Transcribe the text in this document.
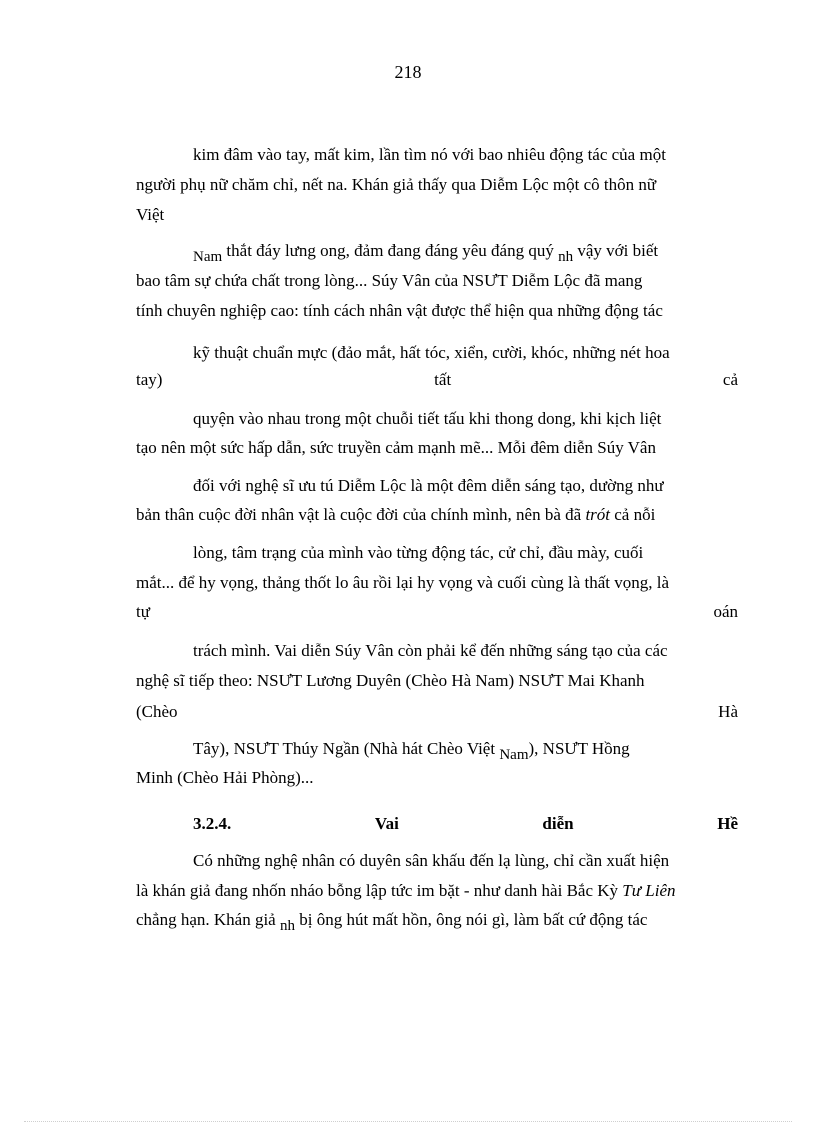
218
kim đâm vào tay, mất kim, lần tìm nó với bao nhiêu động tác của một
người phụ nữ chăm chỉ, nết na. Khán giả thấy qua Diễm Lộc một cô thôn nữ
Việt
Nam thắt đáy lưng ong, đảm đang đáng yêu đáng quý nh vậy với biết
bao tâm sự chứa chất trong lòng... Súy Vân của NSƯT Diễm Lộc đã mang
tính chuyên nghiệp cao: tính cách nhân vật được thể hiện qua những động tác
kỹ thuật chuẩn mực (đảo mắt, hất tóc, xiển, cười, khóc, những nét hoa
tay)	tất	cả
quyện vào nhau trong một chuỗi tiết tấu khi thong dong, khi kịch liệt
tạo nên một sức hấp dẫn, sức truyền cảm mạnh mẽ... Mỗi đêm diễn Súy Vân
đối với nghệ sĩ ưu tú Diễm Lộc là một đêm diễn sáng tạo, dường như
bản thân cuộc đời nhân vật là cuộc đời của chính mình, nên bà đã trót cả nỗi
lòng, tâm trạng của mình vào từng động tác, cử chỉ, đầu mày, cuối
mắt... để hy vọng, thảng thốt lo âu rồi lại hy vọng và cuối cùng là thất vọng, là
tự	oán
trách mình. Vai diễn Súy Vân còn phải kể đến những sáng tạo của các
nghệ sĩ tiếp theo: NSƯT Lương Duyên (Chèo Hà Nam) NSƯT Mai Khanh
(Chèo	Hà
Tây), NSƯT Thúy Ngần (Nhà hát Chèo Việt Nam), NSƯT Hồng
Minh (Chèo Hải Phòng)...
3.2.4.	Vai	diễn	Hề
Có những nghệ nhân có duyên sân khấu đến lạ lùng, chỉ cần xuất hiện
là khán giả đang nhốn nháo bỗng lập tức im bặt - như danh hài Bắc Kỳ Tư Liên
chẳng hạn. Khán giả nh bị ông hút mất hồn, ông nói gì, làm bất cứ động tác
